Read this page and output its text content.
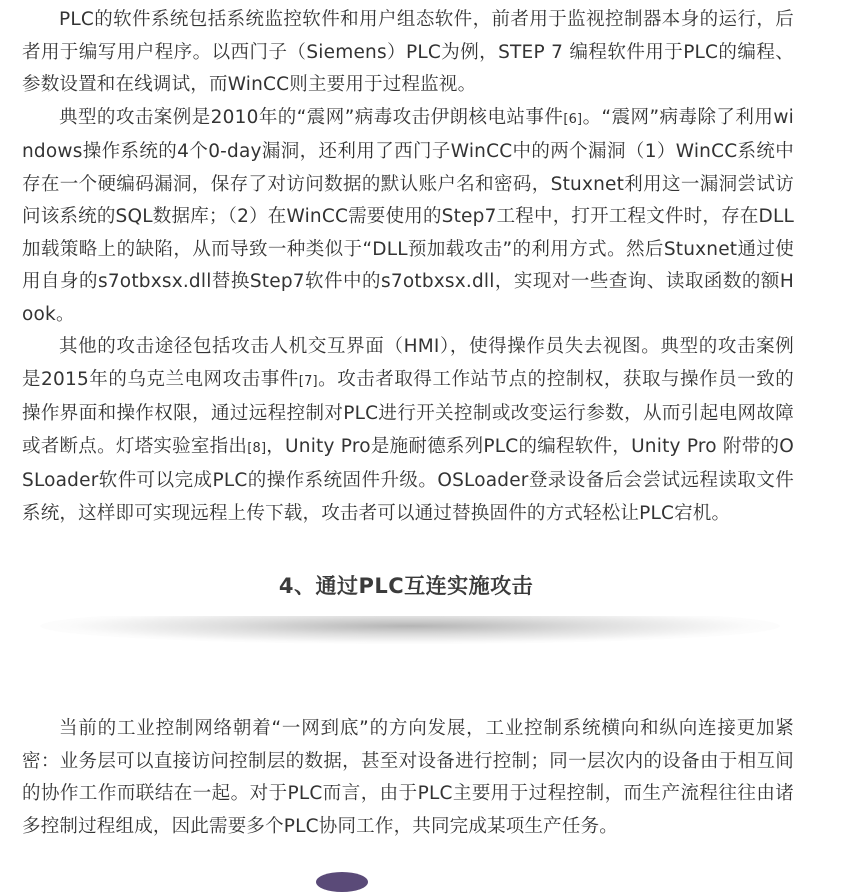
PLC的软件系统包括系统监控软件和用户组态软件，前者用于监视控制器本身的运行，后者用于编写用户程序。以西门子（Siemens）PLC为例，STEP 7 编程软件用于PLC的编程、参数设置和在线调试，而WinCC则主要用于过程监视。

典型的攻击案例是2010年的“震网”病毒攻击伊朗核电站事件[6]。“震网”病毒除了利用windows操作系统的4个0-day漏洞，还利用了西门子WinCC中的两个漏洞（1）WinCC系统中存在一个硬编码漏洞，保存了对访问数据的默认账户名和密码，Stuxnet利用这一漏洞尝试访问该系统的SQL数据库；（2）在WinCC需要使用的Step7工程中，打开工程文件时，存在DLL加载策略上的缺陷，从而导致一种类似于“DLL预加载攻击”的利用方式。然后Stuxnet通过使用自身的s7otbxsx.dll替换Step7软件中的s7otbxsx.dll，实现对一些查询、读取函数的额Hook。

其他的攻击途径包括攻击人机交互界面（HMI），使得操作员失去视图。典型的攻击案例是2015年的乌克兰电网攻击事件[7]。攻击者取得工作站节点的控制权，获取与操作员一致的操作界面和操作权限，通过远程控制对PLC进行开关控制或改变运行参数，从而引起电网故障或者断点。灯塔实验室指出[8]，Unity Pro是施耐德系列PLC的编程软件，Unity Pro 附带的OSLoader软件可以完成PLC的操作系统固件升级。OSLoader登录设备后会尝试远程读取文件系统，这样即可实现远程上传下载，攻击者可以通过替换固件的方式轻松让PLC宕机。

4、通过PLC互连实施攻击

当前的工业控制网络朝着“一网到底”的方向发展，工业控制系统横向和纵向连接更加紧密：业务层可以直接访问控制层的数据，甚至对设备进行控制；同一层次内的设备由于相互间的协作工作而联结在一起。对于PLC而言，由于PLC主要用于过程控制，而生产流程往往由诸多控制过程组成，因此需要多个PLC协同工作，共同完成某项生产任务。
